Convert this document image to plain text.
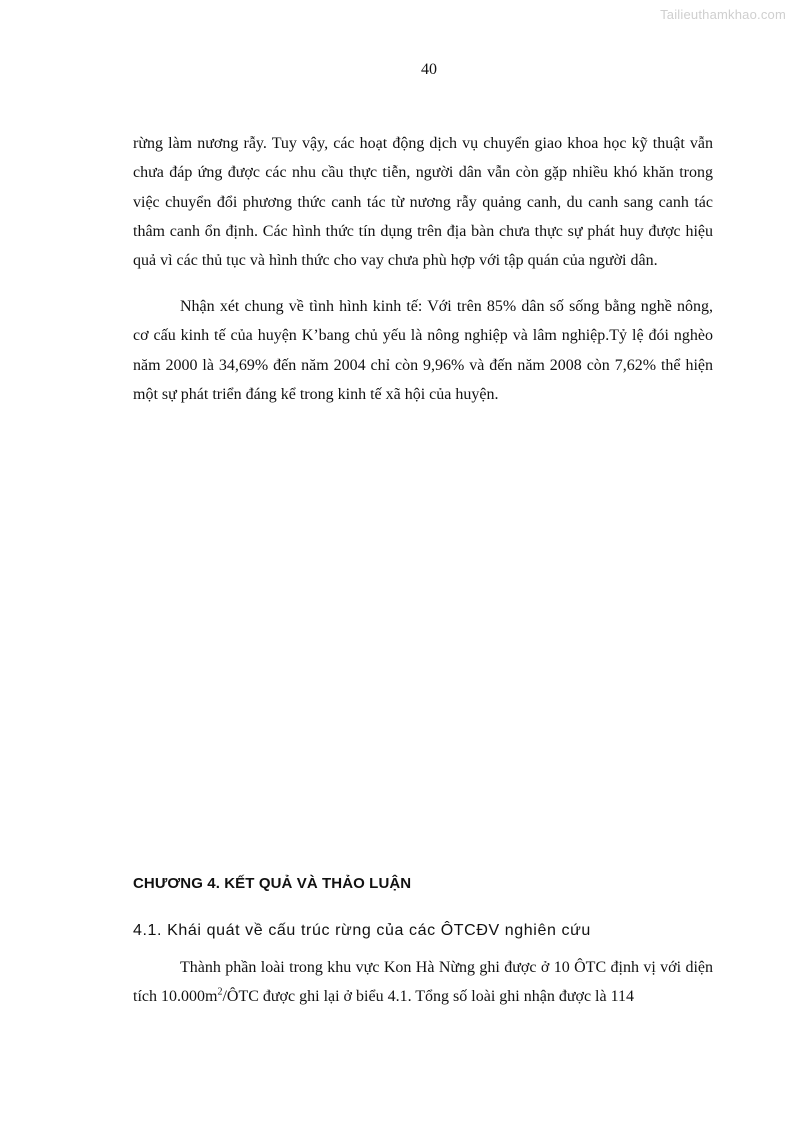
Tailieuthamkhao.com
40

rừng làm nương rẫy. Tuy vậy, các hoạt động dịch vụ chuyển giao khoa học kỹ thuật vẫn chưa đáp ứng được các nhu cầu thực tiễn, người dân vẫn còn gặp nhiều khó khăn trong việc chuyển đổi phương thức canh tác từ nương rẫy quảng canh, du canh sang canh tác thâm canh ổn định. Các hình thức tín dụng trên địa bàn chưa thực sự phát huy được hiệu quả vì các thủ tục và hình thức cho vay chưa phù hợp với tập quán của người dân.

Nhận xét chung về tình hình kinh tế: Với trên 85% dân số sống bằng nghề nông, cơ cấu kinh tế của huyện K’bang chủ yếu là nông nghiệp và lâm nghiệp.Tỷ lệ đói nghèo năm 2000 là 34,69% đến năm 2004 chỉ còn 9,96% và đến năm 2008 còn 7,62% thể hiện một sự phát triển đáng kể trong kinh tế xã hội của huyện.

CHƯƠNG 4. KẾT QUẢ VÀ THẢO LUẬN
4.1. Khái quát về cấu trúc rừng của các ÔTCĐV nghiên cứu

Thành phần loài trong khu vực Kon Hà Nừng ghi được ở 10 ÔTC định vị với diện tích $10.000m^2$/ÔTC được ghi lại ở biểu 4.1. Tổng số loài ghi nhận được là 114
